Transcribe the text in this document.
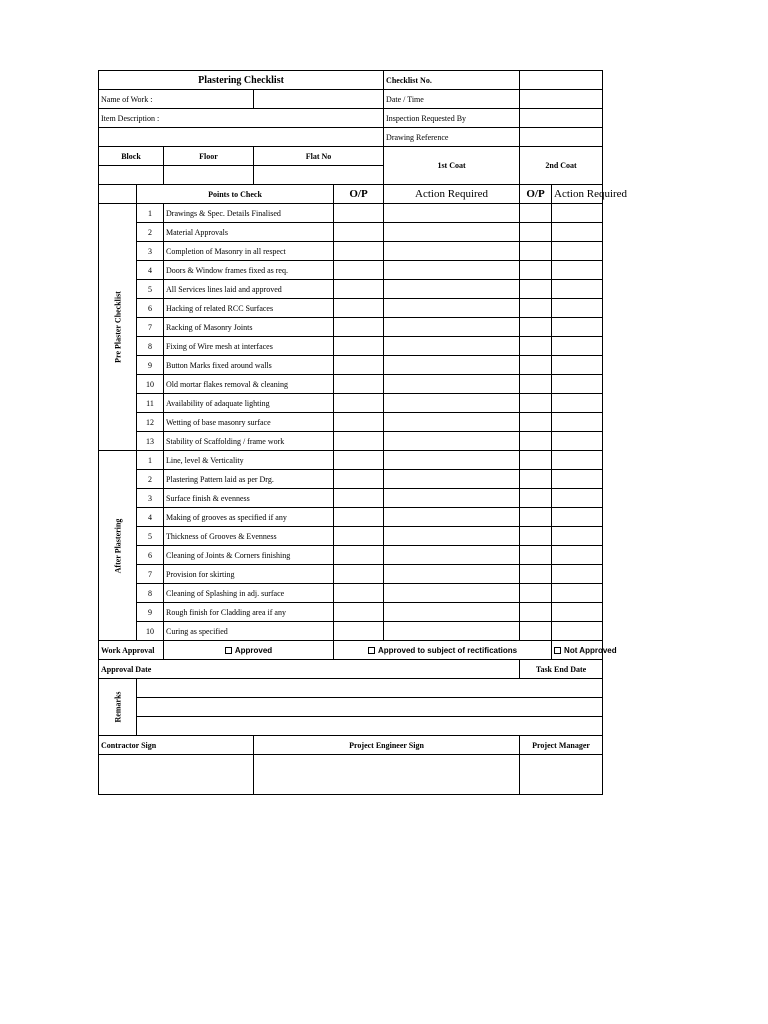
Plastering Checklist					Checklist No.		
Name of Work :					Date / Time		
Item Description :					Inspection Requested By		
					Drawing Reference		
Block		Floor	Flat No		1st Coat	2nd Coat	

	Points to Check			O/P	Action Required	O/P	Action Required

Pre Plaster Checklist	1	Drawings & Spec. Details Finalised					
	2	Material Approvals					
	3	Completion of Masonry in all respect					
	4	Doors & Window frames fixed as req.					
	5	All Services lines laid and approved					
	6	Hacking of related RCC Surfaces					
	7	Racking of Masonry Joints					
	8	Fixing of Wire mesh at interfaces					
	9	Button Marks fixed around walls					
	10	Old mortar flakes removal & cleaning					
	11	Availability of adaquate lighting					
	12	Wetting of base masonry surface					
	13	Stability of Scaffolding / frame work					

After Plastering	1	Line, level & Verticality					
	2	Plastering Pattern laid as per Drg.					
	3	Surface finish & evenness					
	4	Making of grooves as specified if any					
	5	Thickness of Grooves & Evenness					
	6	Cleaning of Joints & Corners finishing					
	7	Provision for skirting					
	8	Cleaning of Splashing in adj. surface					
	9	Rough finish for Cladding area if any					
	10	Curing as specified					
Work Approval		Approved		Approved to subject of rectifications			Not Approved
Approval Date						Task End Date	

Remarks							

Contractor Sign			Project Engineer Sign			Project Manager	
